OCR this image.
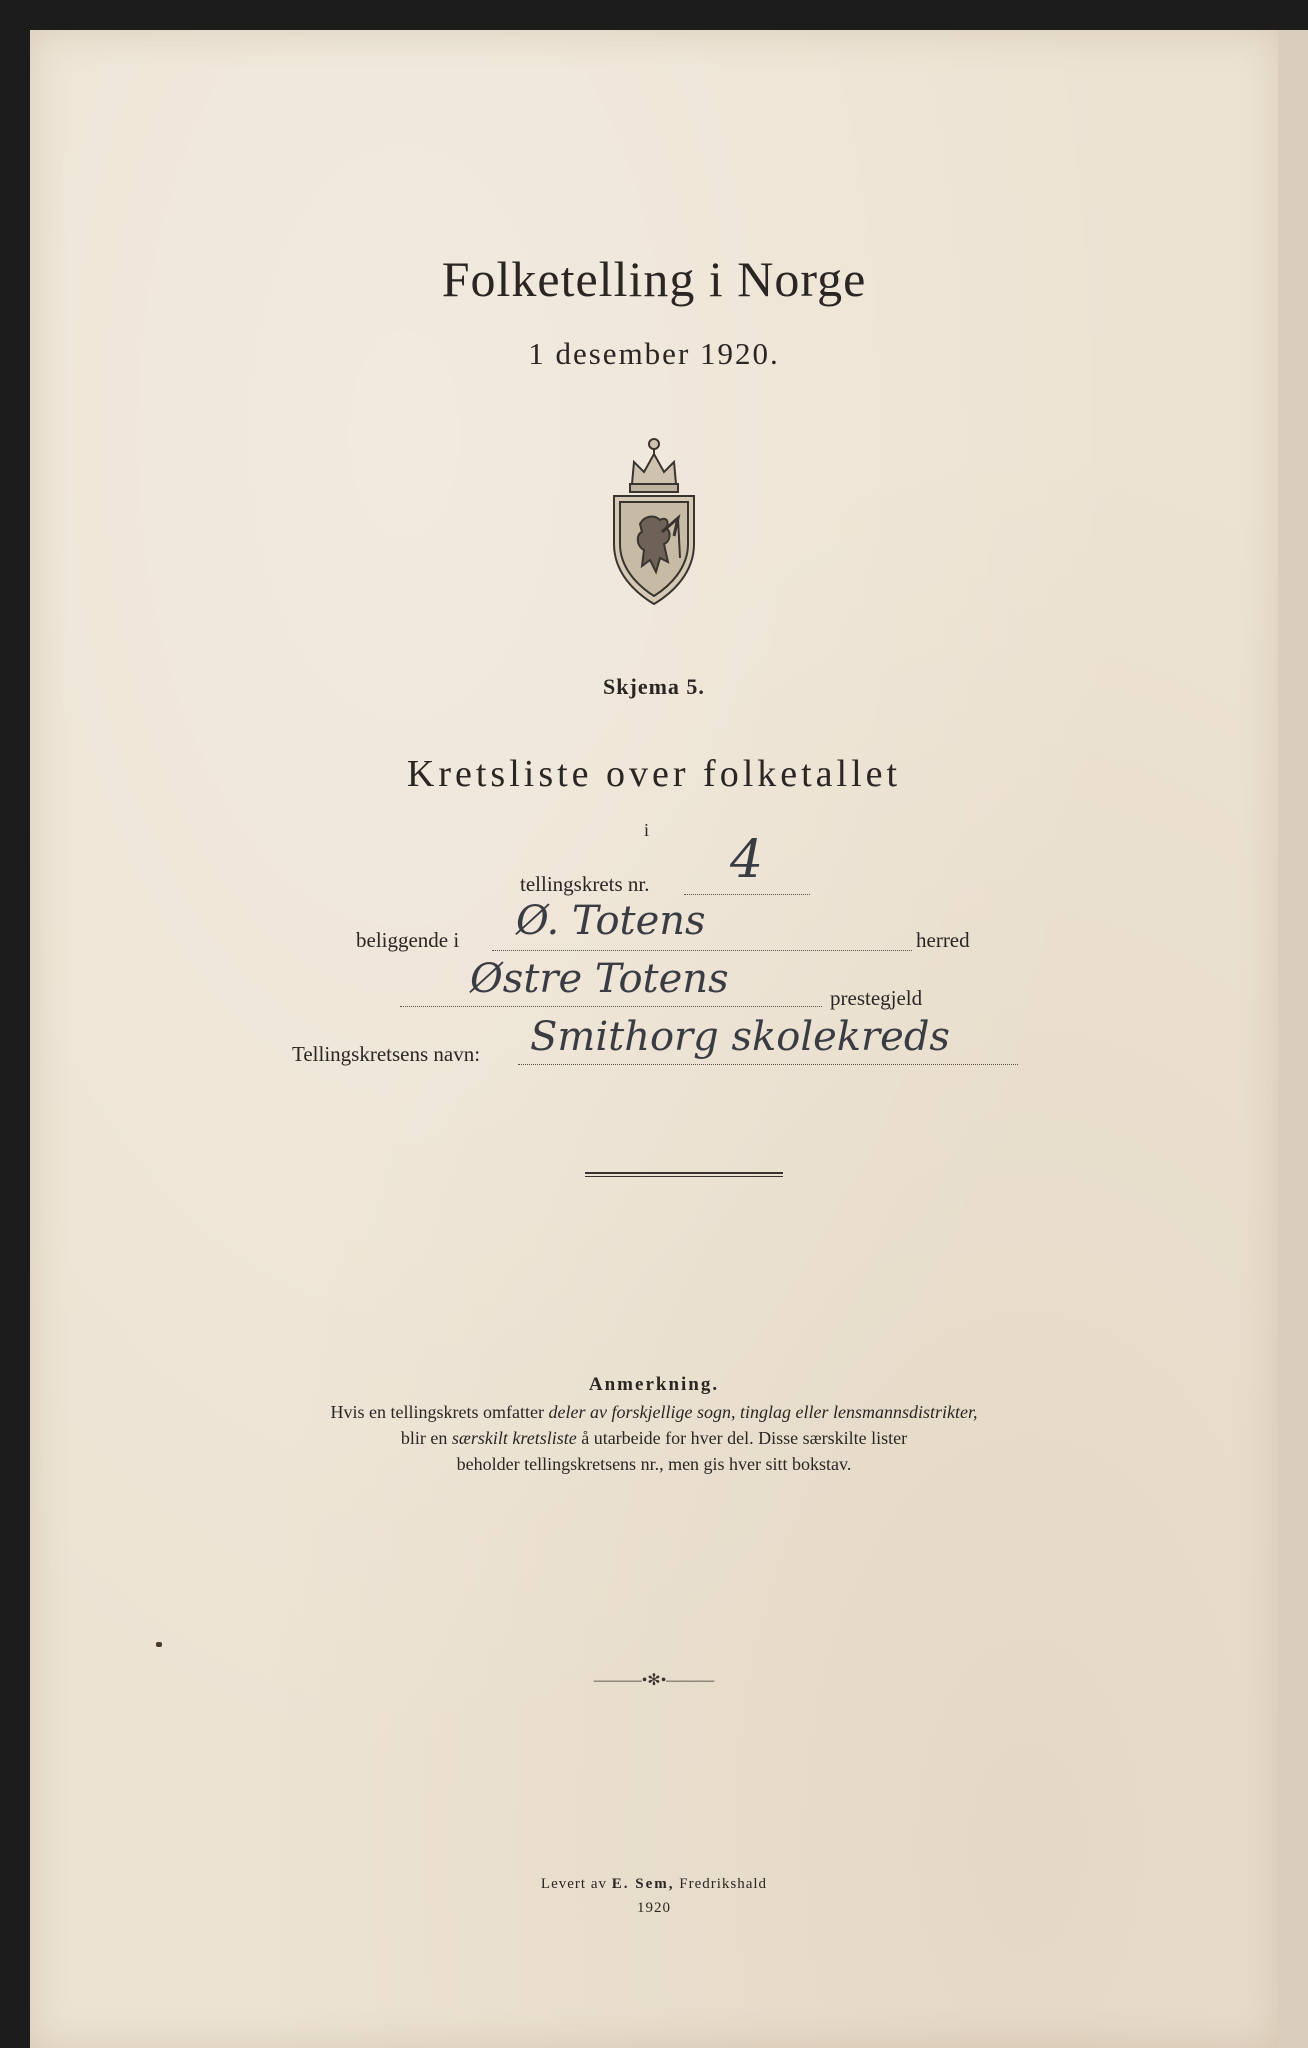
Folketelling i Norge
1 desember 1920.
Skjema 5.
Kretsliste over folketallet
i
tellingskrets nr. 4
beliggende i Ø. Totens	herred
Østre Totens	prestegjeld
Tellingskretsens navn: Smithorg skolekreds
Anmerkning.
Hvis en tellingskrets omfatter deler av forskjellige sogn, tinglag eller lensmannsdistrikter,
blir en særskilt kretsliste å utarbeide for hver del. Disse særskilte lister
beholder tellingskretsens nr., men gis hver sitt bokstav.
———•✻•———
Levert av E. Sem, Fredrikshald
1920
